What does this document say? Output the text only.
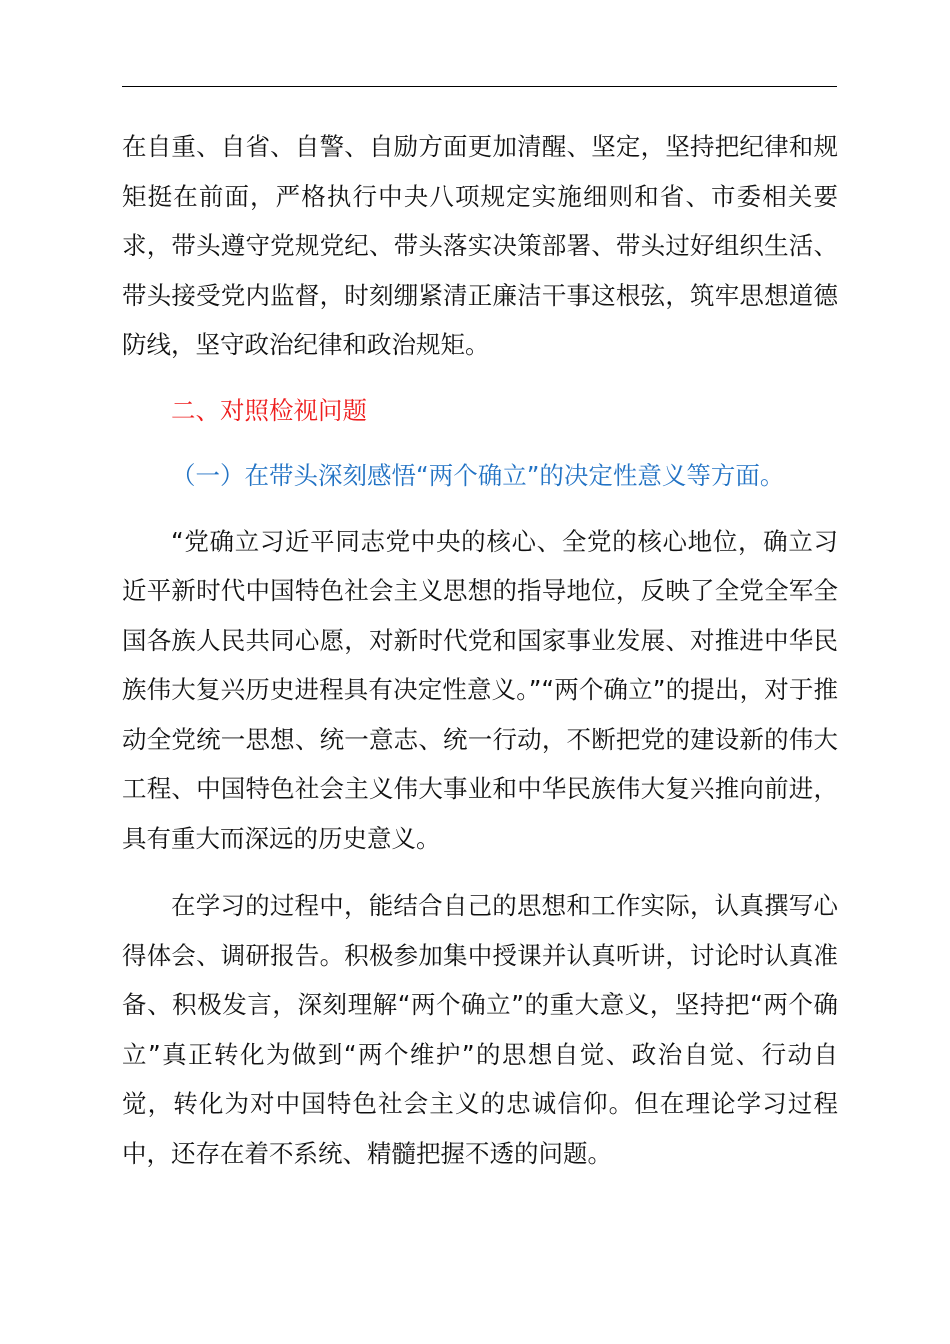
在自重、自省、自警、自励方面更加清醒、坚定，坚持把纪律和规矩挺在前面，严格执行中夬八项规定实施细则和省、市委相关要求，带头遵守党规党纪、带头落实决策部署、带头过好组织生活、带头接受党内监督，时刻绷紧清正廉洁干事这根弦，筑牢思想道德防线，坚守政治纪律和政治规矩。

二、对照检视问题

（一）在带头深刻感悟“两个确立”的决定性意义等方面。

“党确立习近平同志党中央的核心、全党的核心地位，确立习近平新时代中国特色社会主义思想的指导地位，反映了全党全军全国各族人民共同心愿，对新时代党和国家事业发展、对推进中华民族伟大复兴历史进程具有决定性意义。”“两个确立”的提出，对于推动全党统一思想、统一意志、统一行动，不断把党的建设新的伟大工程、中国特色社会主义伟大事业和中华民族伟大复兴推向前进，具有重大而深远的历史意义。

在学习的过程中，能结合自己的思想和工作实际，认真撰写心得体会、调研报告。积极参加集中授课并认真听讲，讨论时认真准备、积极发言，深刻理解“两个确立”的重大意义，坚持把“两个确立”真正转化为做到“两个维护”的思想自觉、政治自觉、行动自觉，转化为对中国特色社会主义的忠诚信仰。但在理论学习过程中，还存在着不系统、精髓把握不透的问题。
